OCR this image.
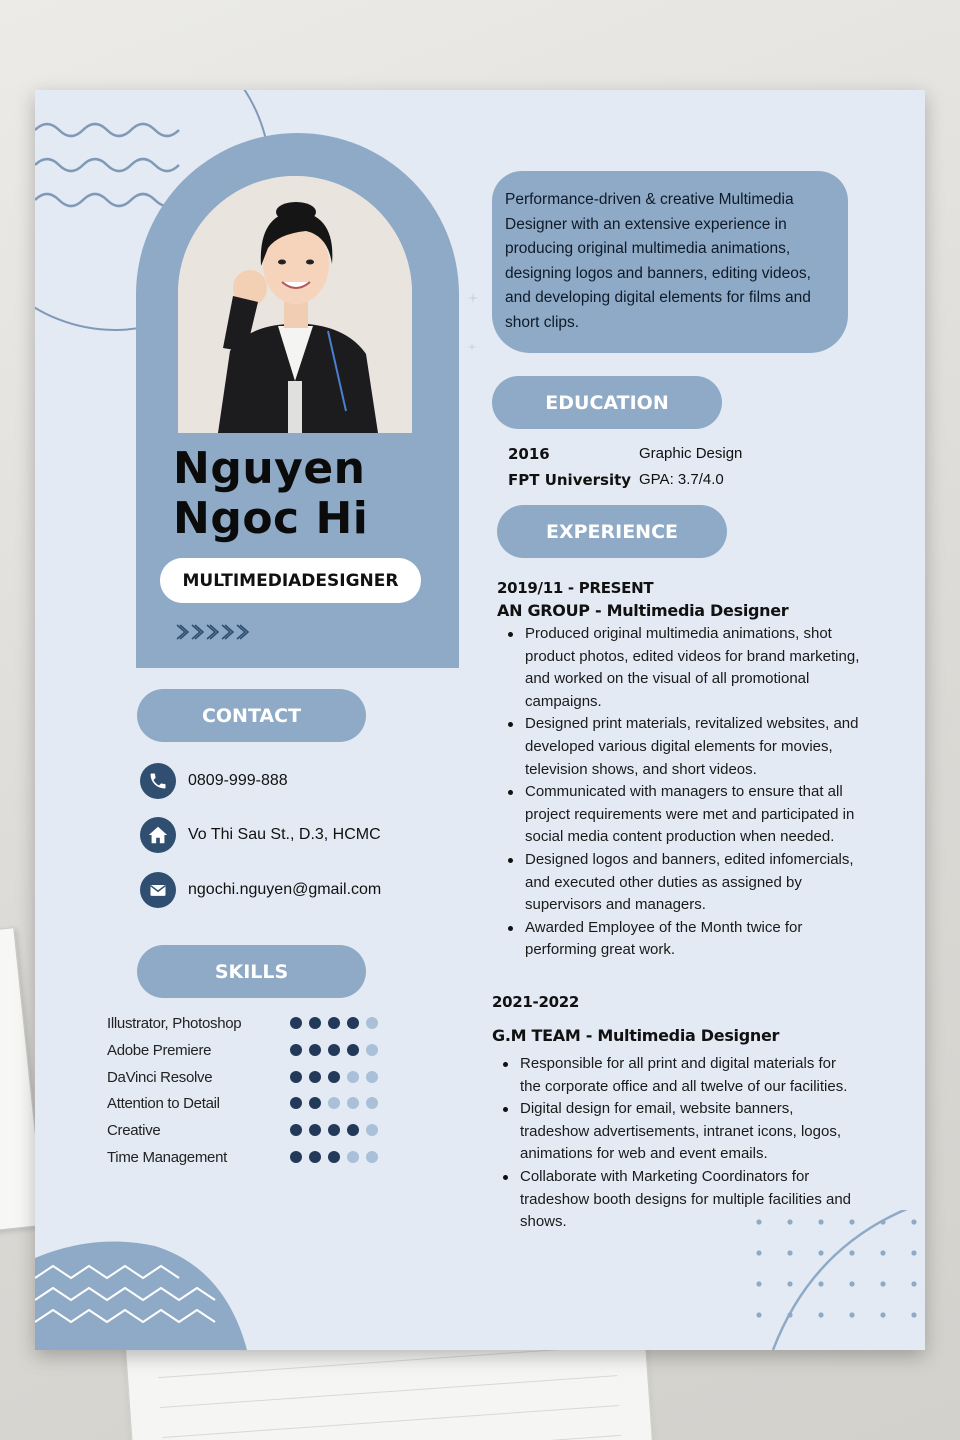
Nguyen
Ngoc Hi
MULTIMEDIADESIGNER
CONTACT
0809-999-888
Vo Thi Sau St., D.3, HCMC
ngochi.nguyen@gmail.com
SKILLS
Illustrator, Photoshop
Adobe Premiere
DaVinci Resolve
Attention to Detail
Creative
Time Management
Performance-driven & creative Multimedia Designer with an extensive experience in producing original multimedia animations, designing logos and banners, editing videos, and developing digital elements for films and short clips.
EDUCATION
2016
FPT University
Graphic Design
GPA: 3.7/4.0
EXPERIENCE
2019/11 - PRESENT
AN GROUP - Multimedia Designer
Produced original multimedia animations, shot product photos, edited videos for brand marketing, and worked on the visual of all promotional campaigns.
Designed print materials, revitalized websites, and developed various digital elements for movies, television shows, and short videos.
Communicated with managers to ensure that all project requirements were met and participated in social media content production when needed.
Designed logos and banners, edited infomercials, and executed other duties as assigned by supervisors and managers.
Awarded Employee of the Month twice for performing great work.
2021-2022
G.M TEAM - Multimedia Designer
Responsible for all print and digital materials for the corporate office and all twelve of our facilities.
Digital design for email, website banners, tradeshow advertisements, intranet icons, logos, animations for web and event emails.
Collaborate with Marketing Coordinators for tradeshow booth designs for multiple facilities and shows.
